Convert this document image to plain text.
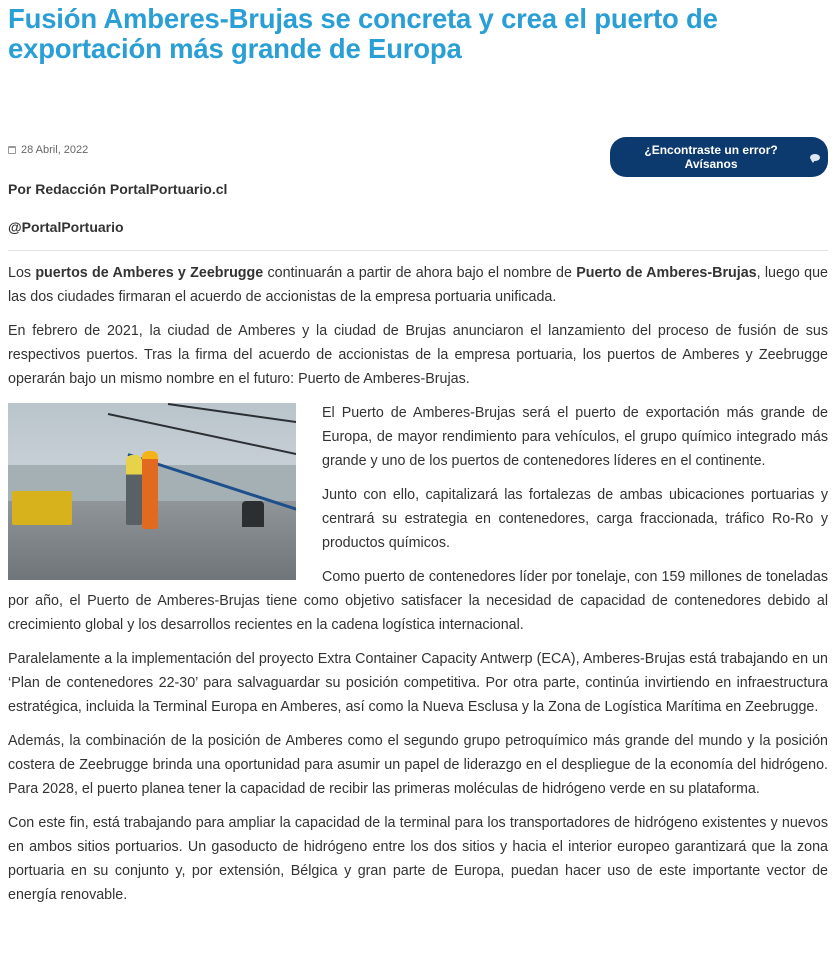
Fusión Amberes-Brujas se concreta y crea el puerto de exportación más grande de Europa
28 Abril, 2022	¿Encontraste un error? Avísanos
Por Redacción PortalPortuario.cl
@PortalPortuario

Los puertos de Amberes y Zeebrugge continuarán a partir de ahora bajo el nombre de Puerto de Amberes-Brujas, luego que las dos ciudades firmaran el acuerdo de accionistas de la empresa portuaria unificada.

En febrero de 2021, la ciudad de Amberes y la ciudad de Brujas anunciaron el lanzamiento del proceso de fusión de sus respectivos puertos. Tras la firma del acuerdo de accionistas de la empresa portuaria, los puertos de Amberes y Zeebrugge operarán bajo un mismo nombre en el futuro: Puerto de Amberes-Brujas.

El Puerto de Amberes-Brujas será el puerto de exportación más grande de Europa, de mayor rendimiento para vehículos, el grupo químico integrado más grande y uno de los puertos de contenedores líderes en el continente.

Junto con ello, capitalizará las fortalezas de ambas ubicaciones portuarias y centrará su estrategia en contenedores, carga fraccionada, tráfico Ro-Ro y productos químicos.

Como puerto de contenedores líder por tonelaje, con 159 millones de toneladas por año, el Puerto de Amberes-Brujas tiene como objetivo satisfacer la necesidad de capacidad de contenedores debido al crecimiento global y los desarrollos recientes en la cadena logística internacional.

Paralelamente a la implementación del proyecto Extra Container Capacity Antwerp (ECA), Amberes-Brujas está trabajando en un ‘Plan de contenedores 22-30’ para salvaguardar su posición competitiva. Por otra parte, continúa invirtiendo en infraestructura estratégica, incluida la Terminal Europa en Amberes, así como la Nueva Esclusa y la Zona de Logística Marítima en Zeebrugge.

Además, la combinación de la posición de Amberes como el segundo grupo petroquímico más grande del mundo y la posición costera de Zeebrugge brinda una oportunidad para asumir un papel de liderazgo en el despliegue de la economía del hidrógeno. Para 2028, el puerto planea tener la capacidad de recibir las primeras moléculas de hidrógeno verde en su plataforma.

Con este fin, está trabajando para ampliar la capacidad de la terminal para los transportadores de hidrógeno existentes y nuevos en ambos sitios portuarios. Un gasoducto de hidrógeno entre los dos sitios y hacia el interior europeo garantizará que la zona portuaria en su conjunto y, por extensión, Bélgica y gran parte de Europa, puedan hacer uso de este importante vector de energía renovable.
